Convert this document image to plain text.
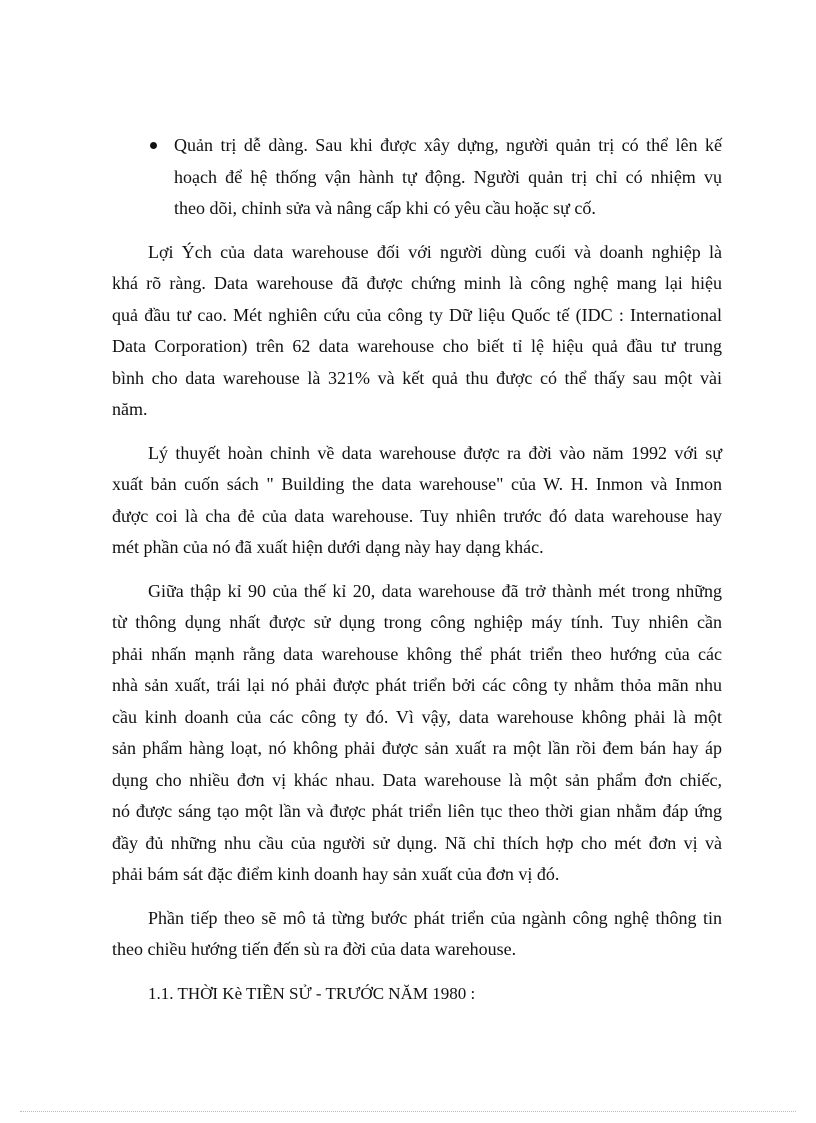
Quản trị dễ dàng. Sau khi được xây dựng, người quản trị có thể lên kế
hoạch để hệ thống vận hành tự động. Người quản trị chỉ có nhiệm vụ
theo dõi, chỉnh sửa và nâng cấp khi có yêu cầu hoặc sự cố.
Lợi Ých của data warehouse đối với người dùng cuối và doanh nghiệp là
khá rõ ràng. Data warehouse đã được chứng minh là công nghệ mang lại hiệu
quả đầu tư cao. Mét nghiên cứu của công ty Dữ liệu Quốc tế (IDC : International
Data Corporation) trên 62 data warehouse cho biết tỉ lệ hiệu quả đầu tư trung
bình cho data warehouse là 321% và kết quả thu được có thể thấy sau một vài
năm.
Lý thuyết hoàn chỉnh về data warehouse được ra đời vào năm 1992 với sự
xuất bản cuốn sách " Building the data warehouse" của W. H. Inmon và Inmon
được coi là cha đẻ của data warehouse. Tuy nhiên trước đó data warehouse hay
mét phần của nó đã xuất hiện dưới dạng này hay dạng khác.
Giữa thập kỉ 90 của thế kỉ 20, data warehouse đã trở thành mét trong những
từ thông dụng nhất được sử dụng trong công nghiệp máy tính. Tuy nhiên cần
phải nhấn mạnh rằng data warehouse không thể phát triển theo hướng của các
nhà sản xuất, trái lại nó phải được phát triển bởi các công ty nhằm thỏa mãn nhu
cầu kinh doanh của các công ty đó. Vì vậy, data warehouse không phải là một
sản phẩm hàng loạt, nó không phải được sản xuất ra một lần rồi đem bán hay áp
dụng cho nhiều đơn vị khác nhau. Data warehouse là một sản phẩm đơn chiếc,
nó được sáng tạo một lần và được phát triển liên tục theo thời gian nhằm đáp ứng
đầy đủ những nhu cầu của người sử dụng. Nã chỉ thích hợp cho mét đơn vị và
phải bám sát đặc điểm kinh doanh hay sản xuất của đơn vị đó.
Phần tiếp theo sẽ mô tả từng bước phát triển của ngành công nghệ thông tin
theo chiều hướng tiến đến sù ra đời của data warehouse.
1.1. THỜI Kè TIỀN SỬ - TRƯỚC NĂM 1980 :
